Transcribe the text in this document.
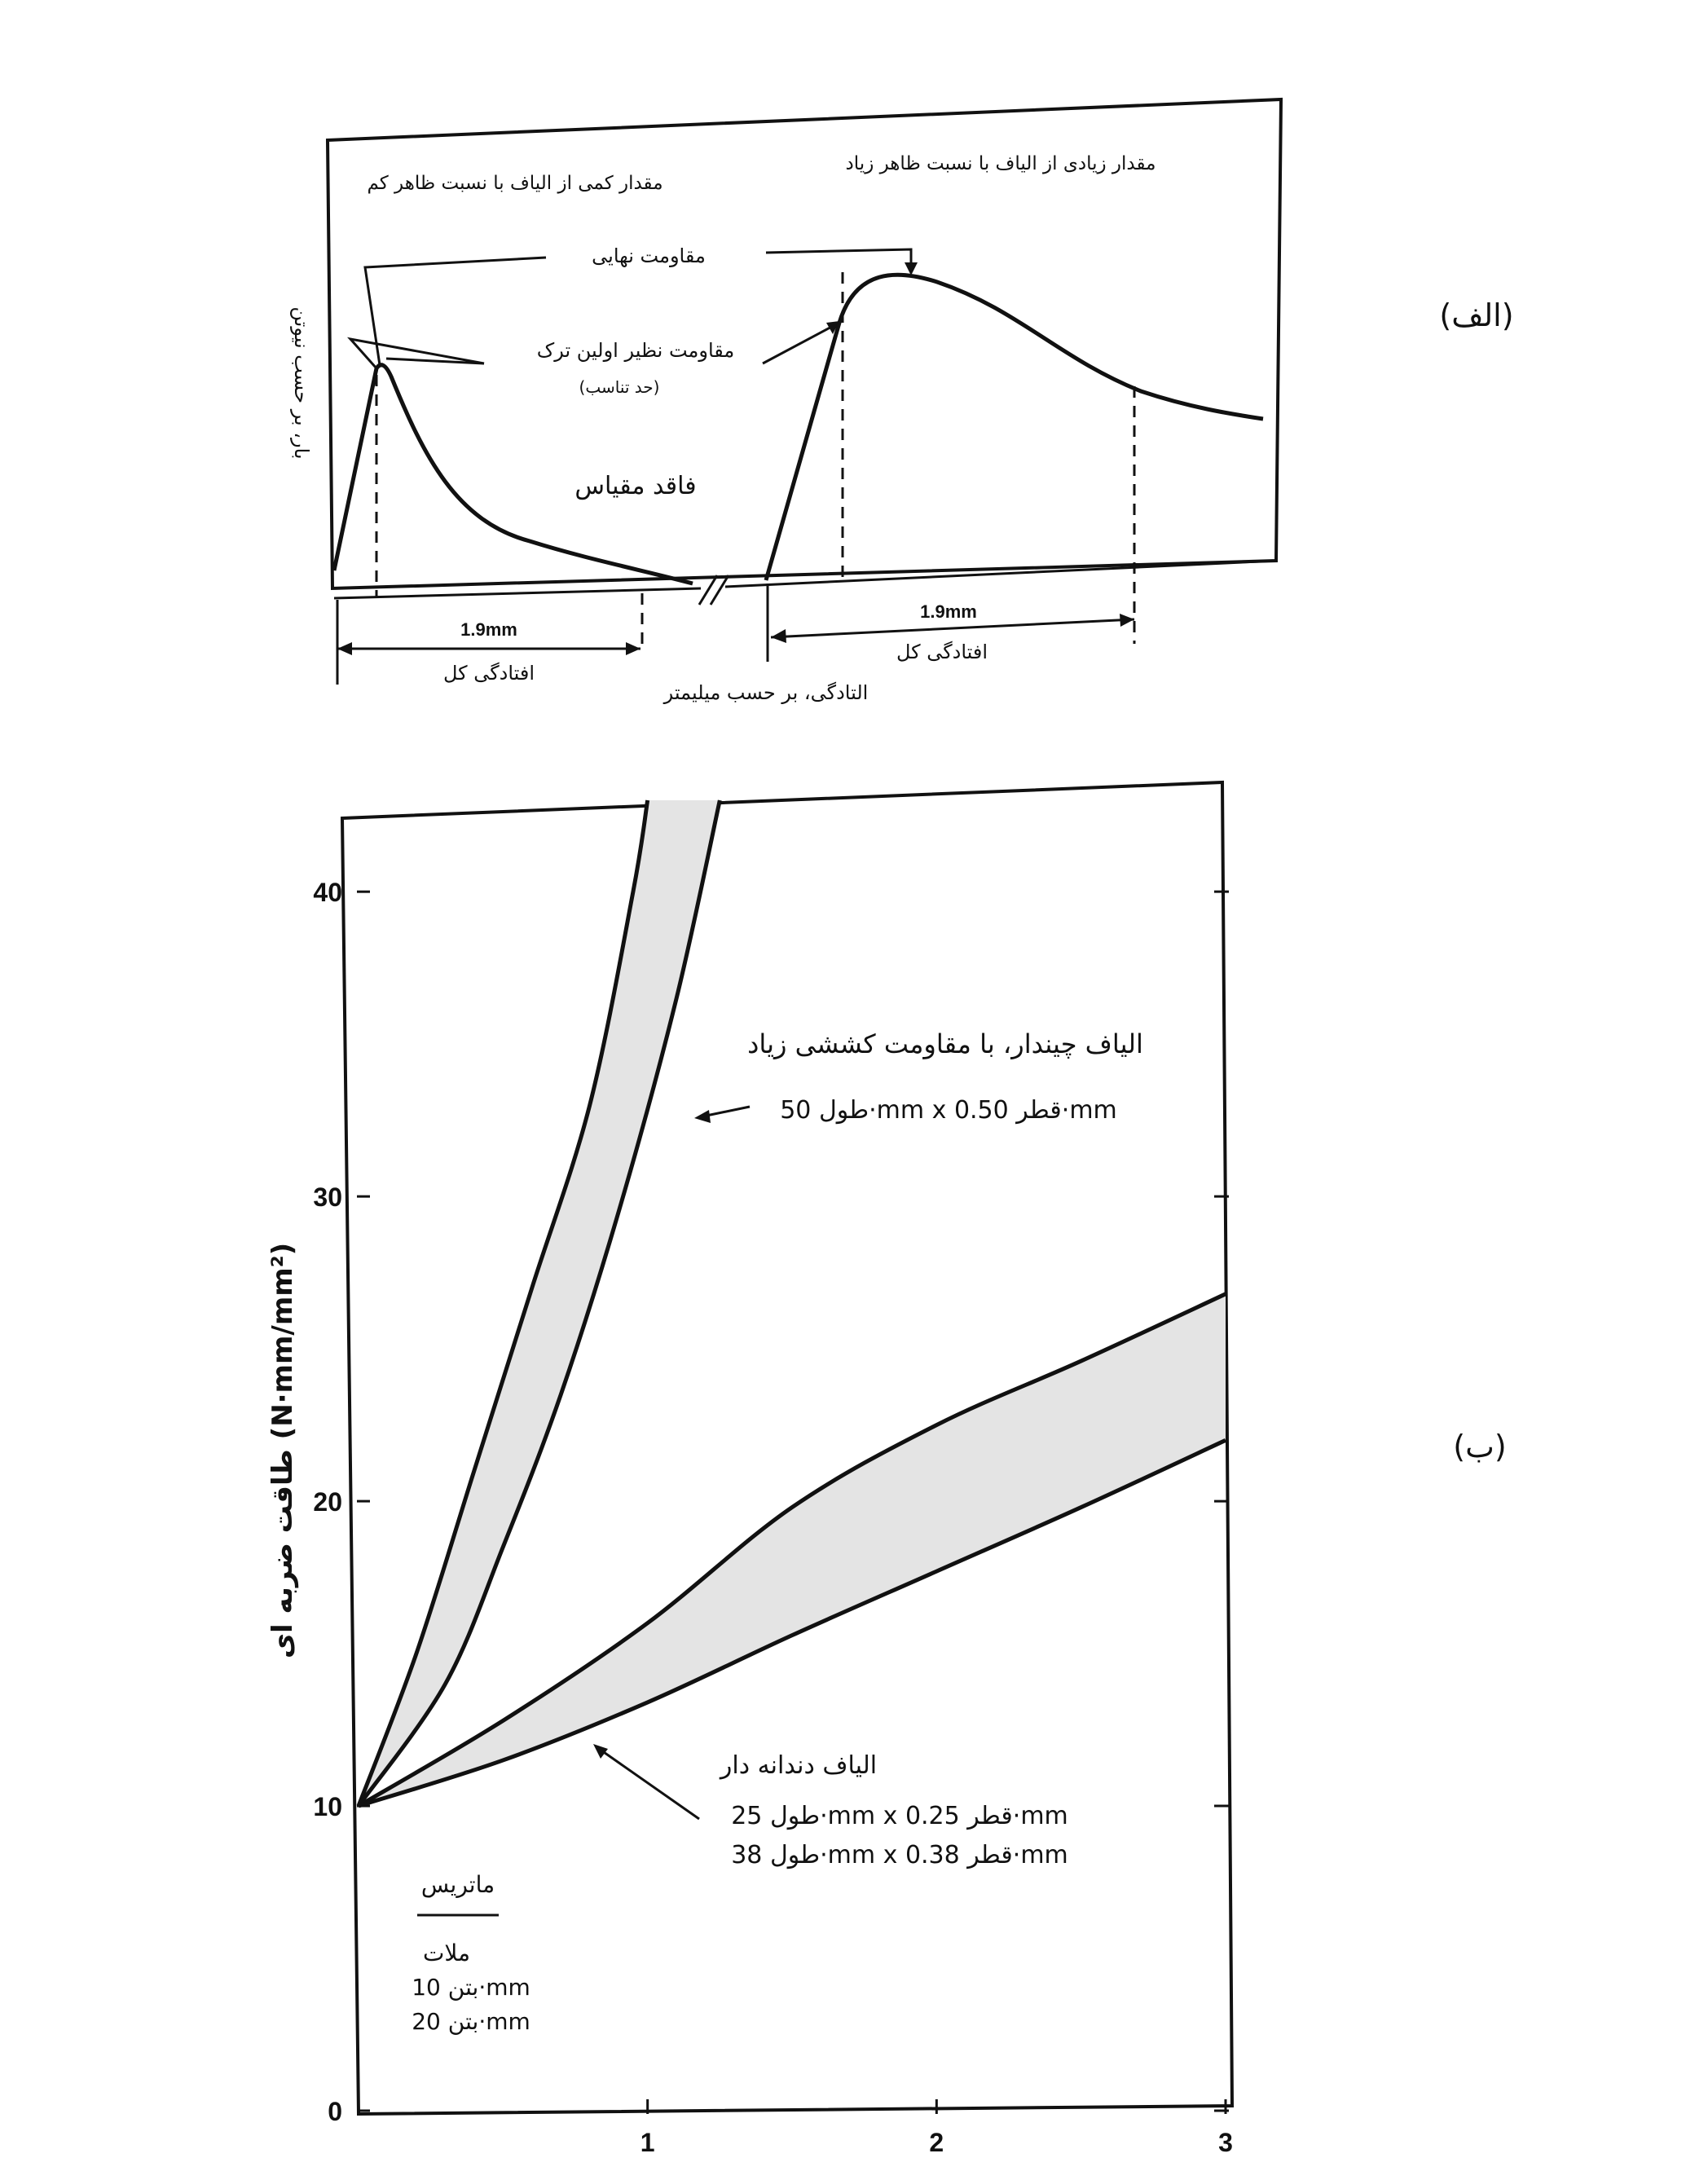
(الف)
مقدار کمی از الیاف با نسبت ظاهر کم
مقدار زیادی از الیاف با نسبت ظاهر زیاد
مقاومت نهایی
مقاومت نظیر اولین ترک
(حد تناسب)
فاقد مقیاس
بار، بر حسب نیوتن
1.9mm
افتادگی کل
1.9mm
افتادگی کل
التادگی، بر حسب میلیمتر
(ب)
طاقت ضربه ای (N·mm/mm²)
0
10
20
30
40
1	2	3
الیاف چیندار، با مقاومت کششی زیاد
طول 50·mm x قطر 0.50·mm
الیاف دندانه دار
طول 25·mm x قطر 0.25·mm
طول 38·mm x قطر 0.38·mm
ماتریس
ملات
بتن 10·mm
بتن 20·mm
